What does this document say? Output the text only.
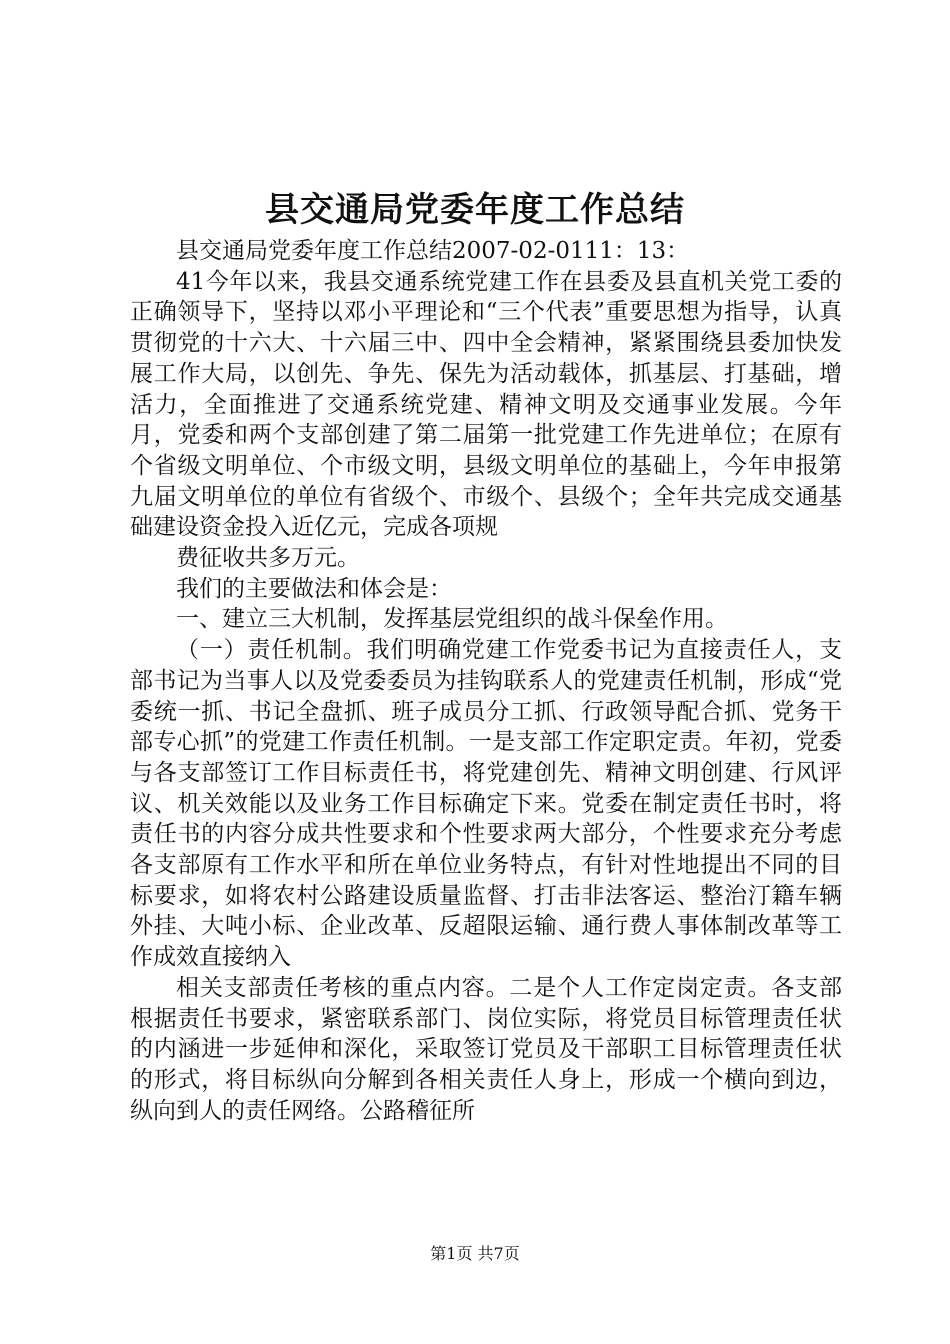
县交通局党委年度工作总结

县交通局党委年度工作总结2007-02-0111：13：

41今年以来，我县交通系统党建工作在县委及县直机关党工委的正确领导下，坚持以邓小平理论和“三个代表”重要思想为指导，认真贯彻党的十六大、十六届三中、四中全会精神，紧紧围绕县委加快发展工作大局，以创先、争先、保先为活动载体，抓基层、打基础，增活力，全面推进了交通系统党建、精神文明及交通事业发展。今年月，党委和两个支部创建了第二届第一批党建工作先进单位；在原有个省级文明单位、个市级文明，县级文明单位的基础上，今年申报第九届文明单位的单位有省级个、市级个、县级个；全年共完成交通基础建设资金投入近亿元，完成各项规

费征收共多万元。

我们的主要做法和体会是：

一、建立三大机制，发挥基层党组织的战斗保垒作用。

（一）责任机制。我们明确党建工作党委书记为直接责任人，支部书记为当事人以及党委委员为挂钩联系人的党建责任机制，形成“党委统一抓、书记全盘抓、班子成员分工抓、行政领导配合抓、党务干部专心抓”的党建工作责任机制。一是支部工作定职定责。年初，党委与各支部签订工作目标责任书，将党建创先、精神文明创建、行风评议、机关效能以及业务工作目标确定下来。党委在制定责任书时，将责任书的内容分成共性要求和个性要求两大部分，个性要求充分考虑各支部原有工作水平和所在单位业务特点，有针对性地提出不同的目标要求，如将农村公路建设质量监督、打击非法客运、整治汀籍车辆外挂、大吨小标、企业改革、反超限运输、通行费人事体制改革等工作成效直接纳入

相关支部责任考核的重点内容。二是个人工作定岗定责。各支部根据责任书要求，紧密联系部门、岗位实际，将党员目标管理责任状的内涵进一步延伸和深化，采取签订党员及干部职工目标管理责任状的形式，将目标纵向分解到各相关责任人身上，形成一个横向到边，纵向到人的责任网络。公路稽征所

第1页 共7页
